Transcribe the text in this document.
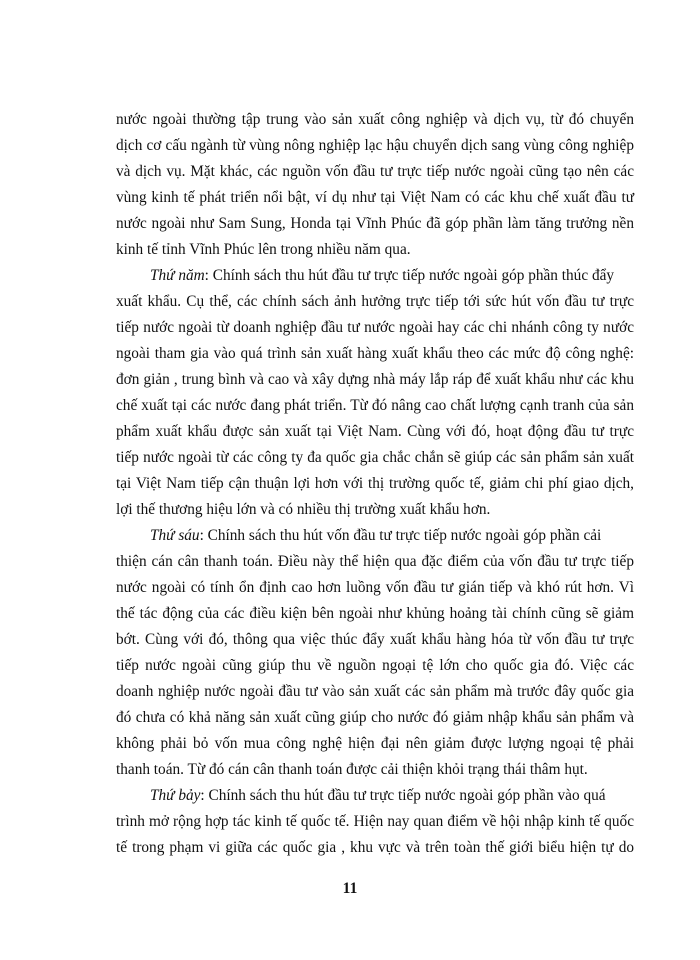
nước ngoài thường tập trung vào sản xuất công nghiệp và dịch vụ, từ đó chuyển
dịch cơ cấu ngành từ vùng nông nghiệp lạc hậu chuyển dịch sang vùng công nghiệp
và dịch vụ. Mặt khác, các nguồn vốn đầu tư trực tiếp nước ngoài cũng tạo nên các
vùng kinh tế phát triển nổi bật, ví dụ như tại Việt Nam có các khu chế xuất đầu tư
nước ngoài như Sam Sung, Honda tại Vĩnh Phúc đã góp phần làm tăng trưởng nền
kinh tế tỉnh Vĩnh Phúc lên trong nhiều năm qua.
Thứ năm: Chính sách thu hút đầu tư trực tiếp nước ngoài góp phần thúc đẩy
xuất khẩu. Cụ thể, các chính sách ảnh hưởng trực tiếp tới sức hút vốn đầu tư trực
tiếp nước ngoài từ doanh nghiệp đầu tư nước ngoài hay các chi nhánh công ty nước
ngoài tham gia vào quá trình sản xuất hàng xuất khẩu theo các mức độ công nghệ:
đơn giản , trung bình và cao và xây dựng nhà máy lắp ráp để xuất khẩu như các khu
chế xuất tại các nước đang phát triển. Từ đó nâng cao chất lượng cạnh tranh của sản
phẩm xuất khẩu được sản xuất tại Việt Nam. Cùng với đó, hoạt động đầu tư trực
tiếp nước ngoài từ các công ty đa quốc gia chắc chắn sẽ giúp các sản phẩm sản xuất
tại Việt Nam tiếp cận thuận lợi hơn với thị trường quốc tế, giảm chi phí giao dịch,
lợi thế thương hiệu lớn và có nhiều thị trường xuất khẩu hơn.
Thứ sáu: Chính sách thu hút vốn đầu tư trực tiếp nước ngoài góp phần cải
thiện cán cân thanh toán. Điều này thể hiện qua đặc điểm của vốn đầu tư trực tiếp
nước ngoài có tính ổn định cao hơn luồng vốn đầu tư gián tiếp và khó rút hơn. Vì
thế tác động của các điều kiện bên ngoài như khủng hoảng tài chính cũng sẽ giảm
bớt. Cùng với đó, thông qua việc thúc đẩy xuất khẩu hàng hóa từ vốn đầu tư trực
tiếp nước ngoài cũng giúp thu về nguồn ngoại tệ lớn cho quốc gia đó. Việc các
doanh nghiệp nước ngoài đầu tư vào sản xuất các sản phẩm mà trước đây quốc gia
đó chưa có khả năng sản xuất cũng giúp cho nước đó giảm nhập khẩu sản phẩm và
không phải bỏ vốn mua công nghệ hiện đại nên giảm được lượng ngoại tệ phải
thanh toán. Từ đó cán cân thanh toán được cải thiện khỏi trạng thái thâm hụt.
Thứ bảy: Chính sách thu hút đầu tư trực tiếp nước ngoài góp phần vào quá
trình mở rộng hợp tác kinh tế quốc tế. Hiện nay quan điểm về hội nhập kinh tế quốc
tế trong phạm vi giữa các quốc gia , khu vực và trên toàn thế giới biểu hiện tự do
11
